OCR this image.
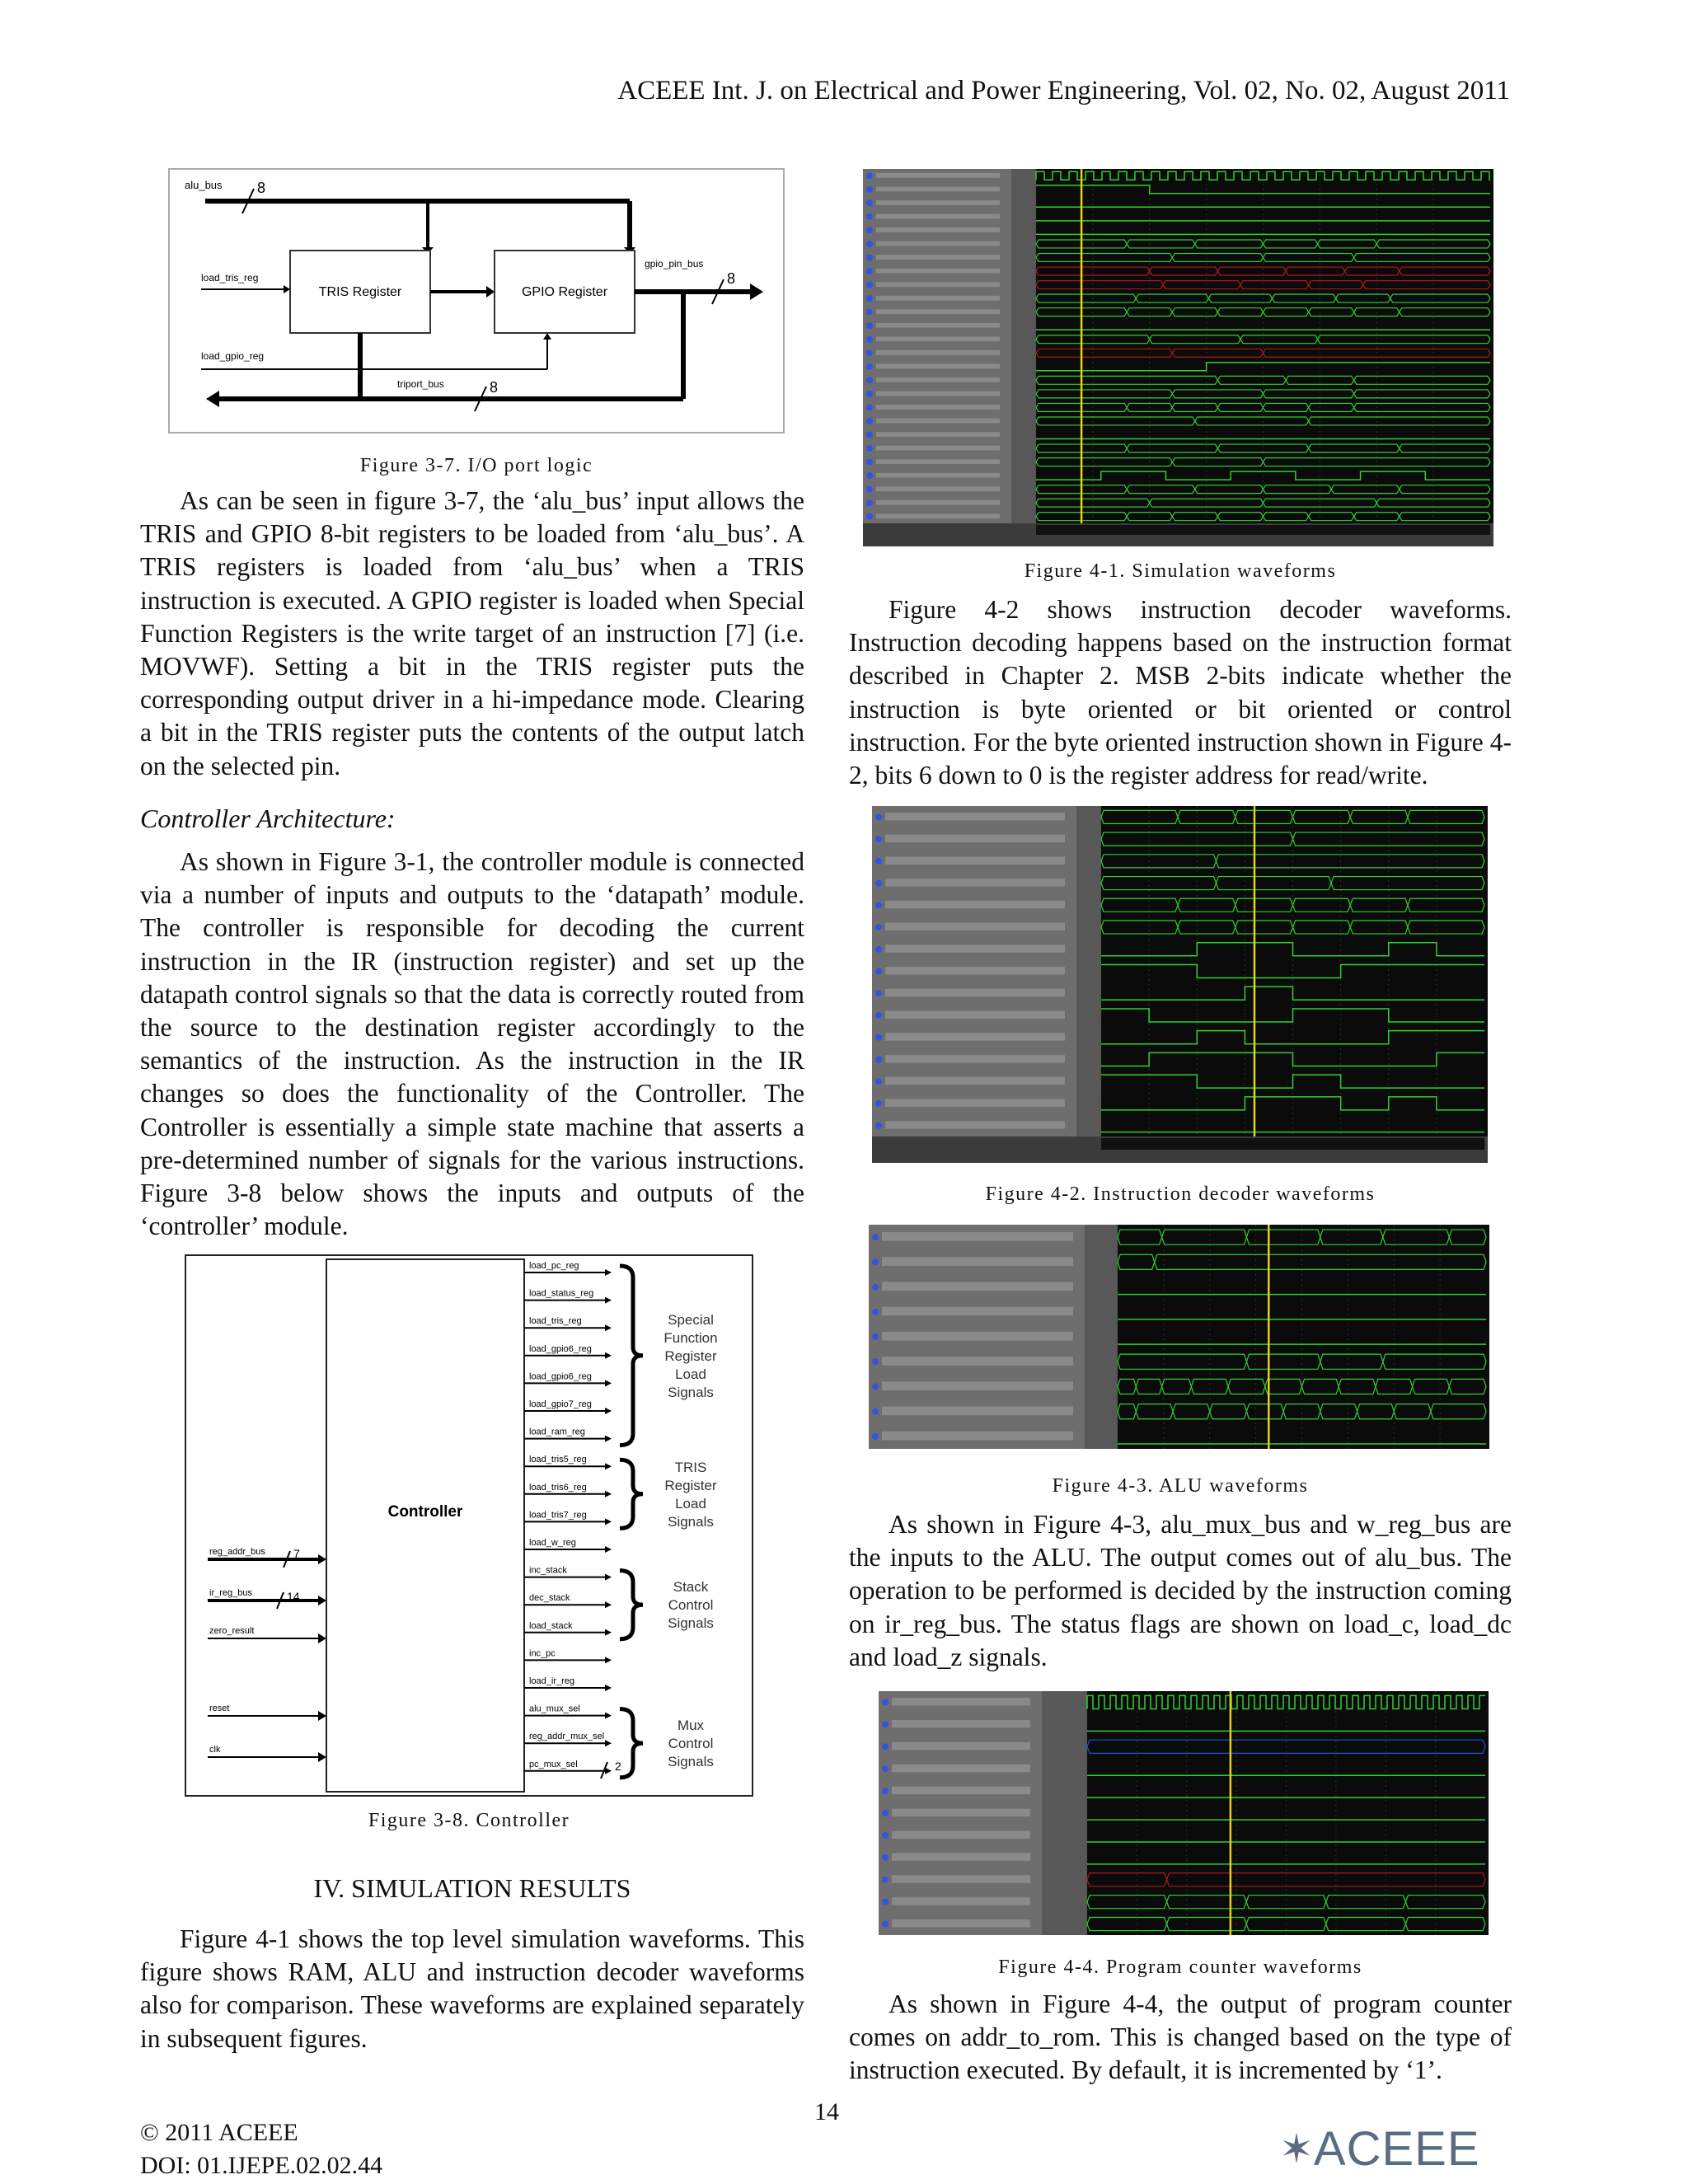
ACEEE Int. J. on Electrical and Power Engineering, Vol. 02, No. 02, August 2011
alu_bus 8
TRIS Register	GPIO Register
load_tris_reg
gpio_pin_bus
8
load_gpio_reg
triport_bus	8
Figure 3-7. I/O port logic

As can be seen in figure 3-7, the ‘alu_bus’ input allows the TRIS and GPIO 8-bit registers to be loaded from ‘alu_bus’. A TRIS registers is loaded from ‘alu_bus’ when a TRIS instruction is executed. A GPIO register is loaded when Special Function Registers is the write target of an instruction [7] (i.e. MOVWF). Setting a bit in the TRIS register puts the corresponding output driver in a hi-impedance mode. Clearing a bit in the TRIS register puts the contents of the output latch on the selected pin.

Controller Architecture:

As shown in Figure 3-1, the controller module is connected via a number of inputs and outputs to the ‘datapath’ module. The controller is responsible for decoding the current instruction in the IR (instruction register) and set up the datapath control signals so that the data is correctly routed from the source to the destination register accordingly to the semantics of the instruction. As the instruction in the IR changes so does the functionality of the Controller. The Controller is essentially a simple state machine that asserts a pre-determined number of signals for the various instructions. Figure 3-8 below shows the inputs and outputs of the ‘controller’ module.

Controller
load_pc_reg
load_status_reg
load_tris_reg
load_gpio6_reg
load_gpio6_reg
load_gpio7_reg
load_ram_reg
load_tris5_reg
load_tris6_reg
load_tris7_reg
load_w_reg
inc_stack
dec_stack
load_stack
inc_pc
load_ir_reg
alu_mux_sel
reg_addr_mux_sel
pc_mux_sel
reg_addr_bus
ir_reg_bus
zero_result
reset
clk
Special
Function
Register
Load
Signals
TRIS
Register
Load
Signals
Stack
Control
Signals
Mux
Control
Signals
7
14
2
Figure 3-8. Controller
IV. SIMULATION RESULTS

Figure 4-1 shows the top level simulation waveforms. This figure shows RAM, ALU and instruction decoder waveforms also for comparison. These waveforms are explained separately in subsequent figures.

Figure 4-1. Simulation waveforms

Figure 4-2 shows instruction decoder waveforms. Instruction decoding happens based on the instruction format described in Chapter 2. MSB 2-bits indicate whether the instruction is byte oriented or bit oriented or control instruction. For the byte oriented instruction shown in Figure 4-2, bits 6 down to 0 is the register address for read/write.

Figure 4-2. Instruction decoder waveforms
Figure 4-3. ALU waveforms

As shown in Figure 4-3, alu_mux_bus and w_reg_bus are the inputs to the ALU. The output comes out of alu_bus. The operation to be performed is decided by the instruction coming on ir_reg_bus. The status flags are shown on load_c, load_dc and load_z signals.

Figure 4-4. Program counter waveforms

As shown in Figure 4-4, the output of program counter comes on addr_to_rom. This is changed based on the type of instruction executed. By default, it is incremented by ‘1’.

14
© 2011 ACEEE
DOI: 01.IJEPE.02.02.44	✶ACEEE
